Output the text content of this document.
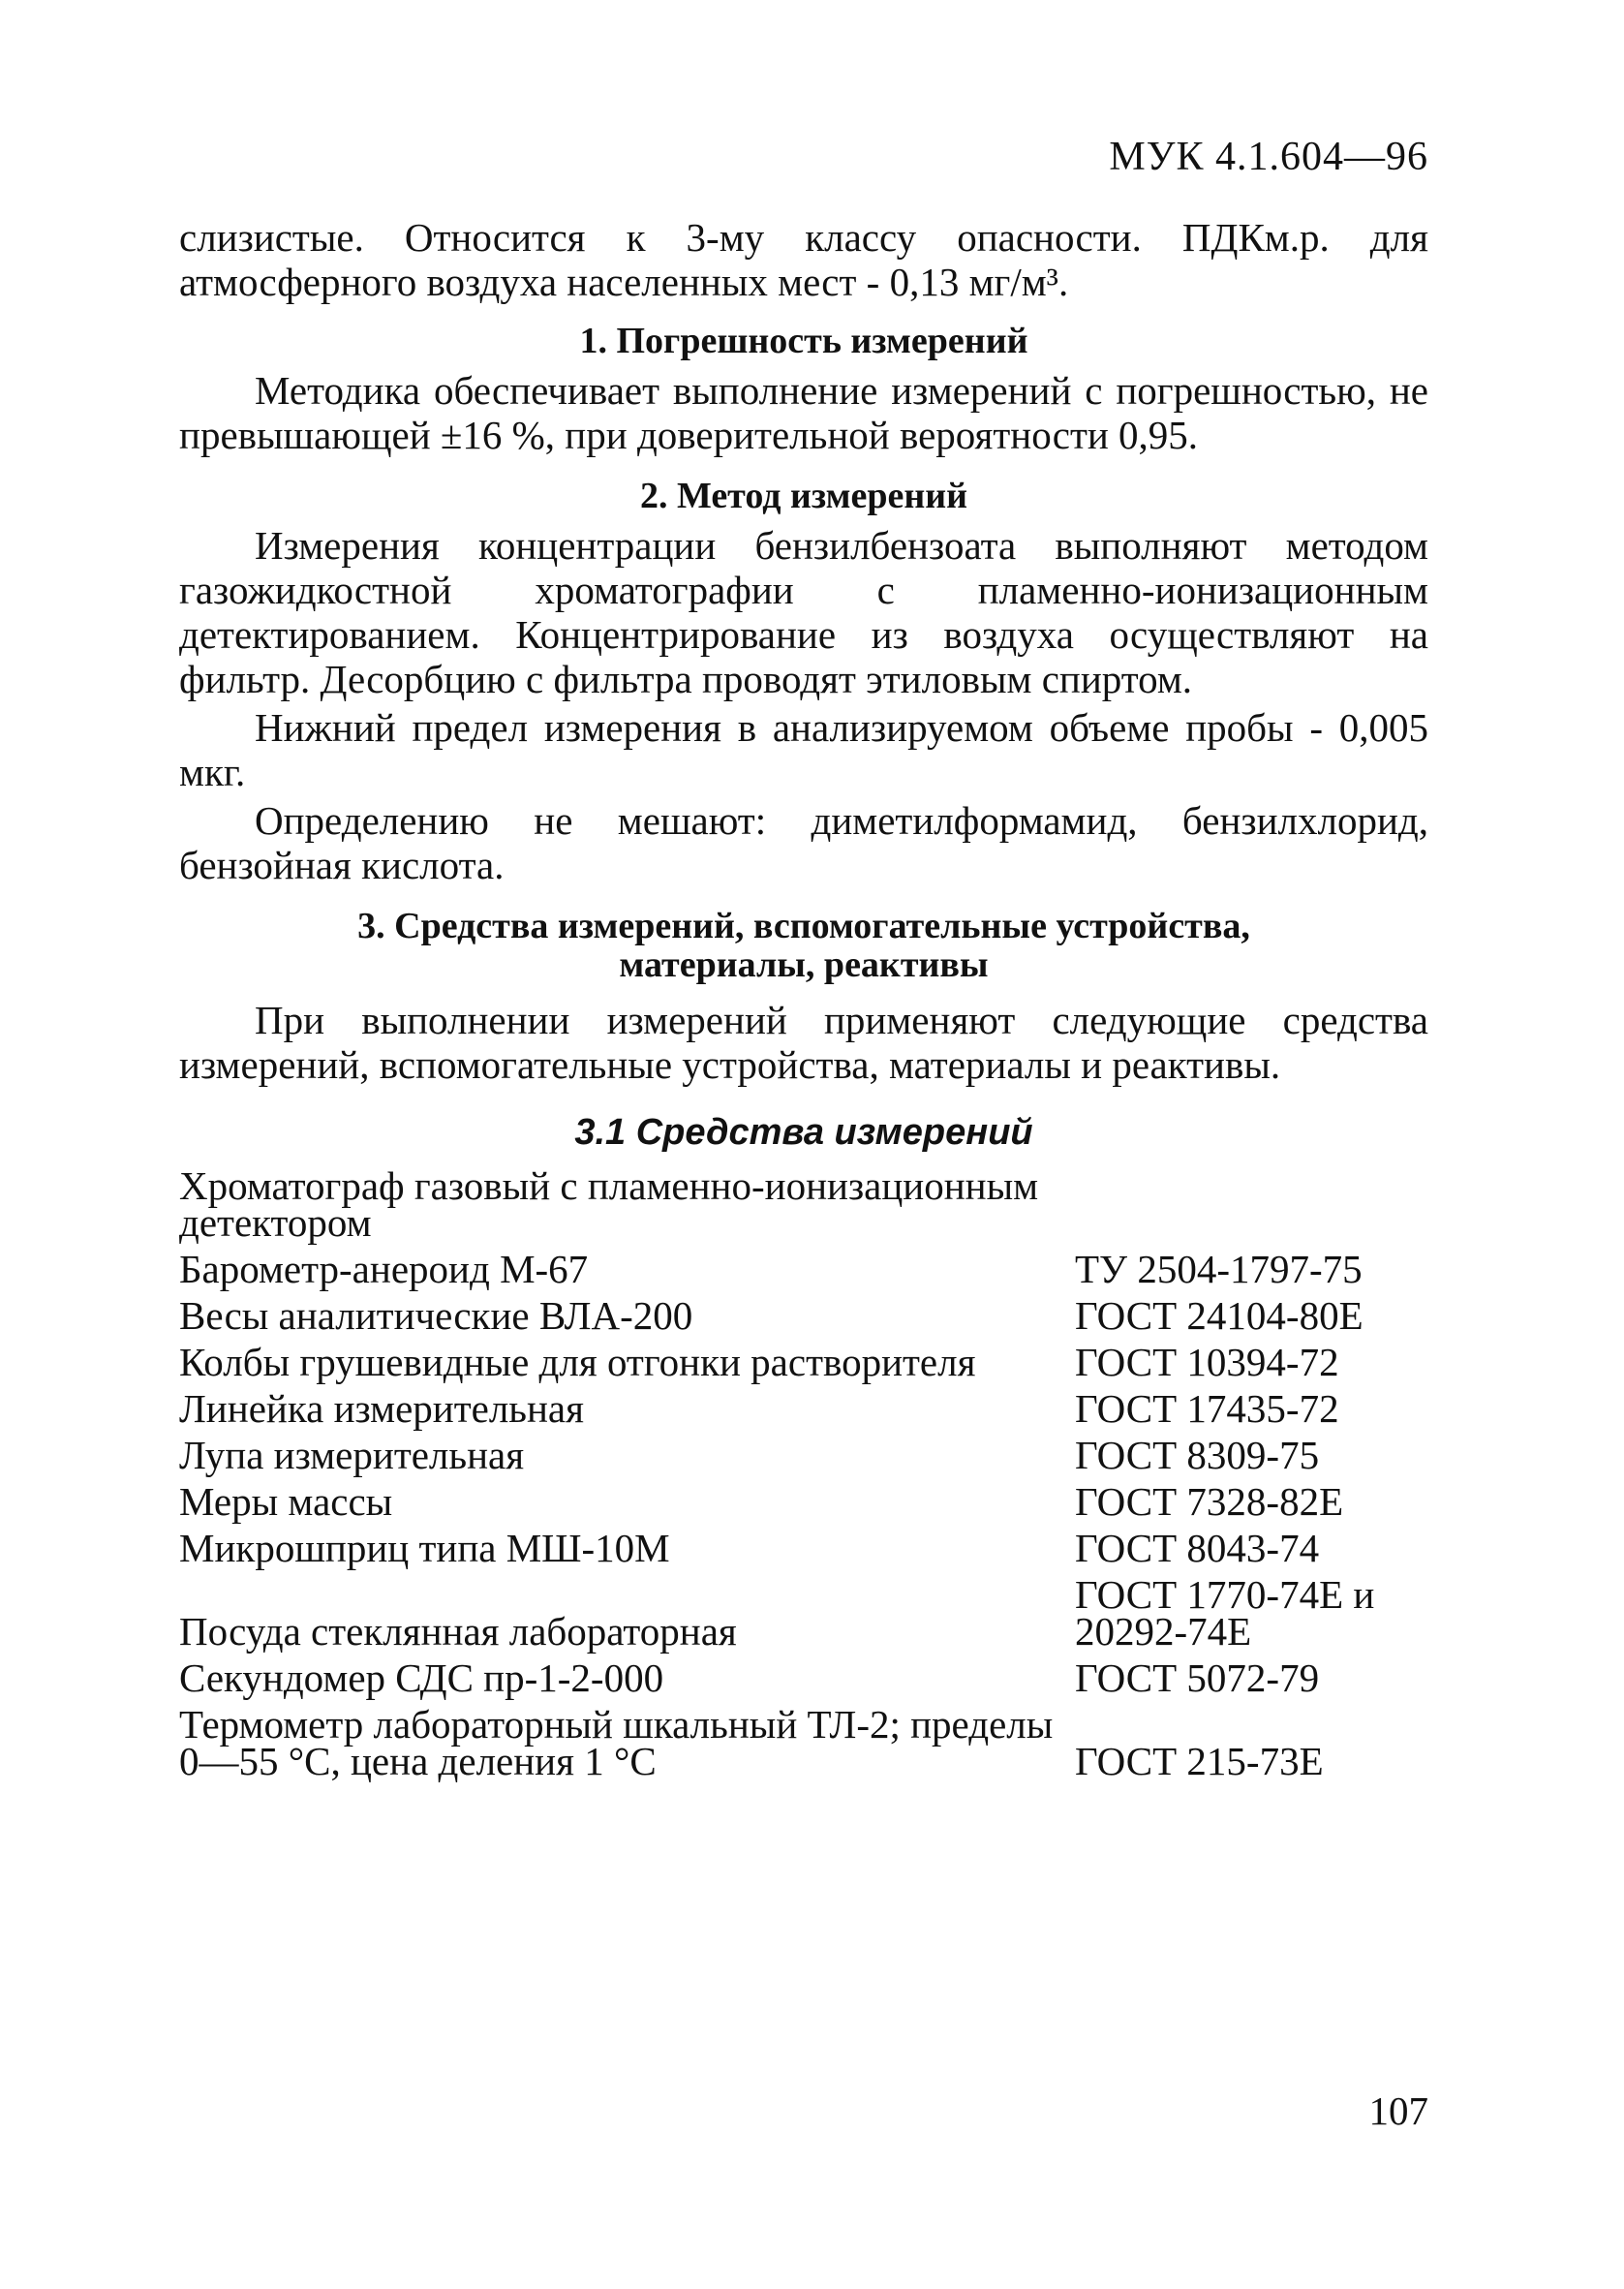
МУК 4.1.604—96

слизистые. Относится к 3-му классу опасности. ПДКм.р. для атмосферного воздуха населенных мест - 0,13 мг/м³.

1. Погрешность измерений

Методика обеспечивает выполнение измерений с погрешностью, не превышающей ±16 %, при доверительной вероятности 0,95.

2. Метод измерений

Измерения концентрации бензилбензоата выполняют методом газожидкостной хроматографии с пламенно-ионизационным детектированием. Концентрирование из воздуха осуществляют на фильтр. Десорбцию с фильтра проводят этиловым спиртом.

Нижний предел измерения в анализируемом объеме пробы - 0,005 мкг.

Определению не мешают: диметилформамид, бензилхлорид, бензойная кислота.

3. Средства измерений, вспомогательные устройства,
материалы, реактивы

При выполнении измерений применяют следующие средства измерений, вспомогательные устройства, материалы и реактивы.

3.1 Средства измерений
Хроматограф газовый с пламенно-ионизационным детектором	
Барометр-анероид М-67	ТУ 2504-1797-75
Весы аналитические ВЛА-200	ГОСТ 24104-80Е
Колбы грушевидные для отгонки растворителя	ГОСТ 10394-72
Линейка измерительная	ГОСТ 17435-72
Лупа измерительная	ГОСТ 8309-75
Меры массы	ГОСТ 7328-82Е
Микрошприц типа МШ-10М	ГОСТ 8043-74
Посуда стеклянная лабораторная	ГОСТ 1770-74Е и 20292-74Е
Секундомер СДС пр-1-2-000	ГОСТ 5072-79
Термометр лабораторный шкальный ТЛ-2; пределы 0—55 °С, цена деления 1 °С	ГОСТ 215-73Е
107
